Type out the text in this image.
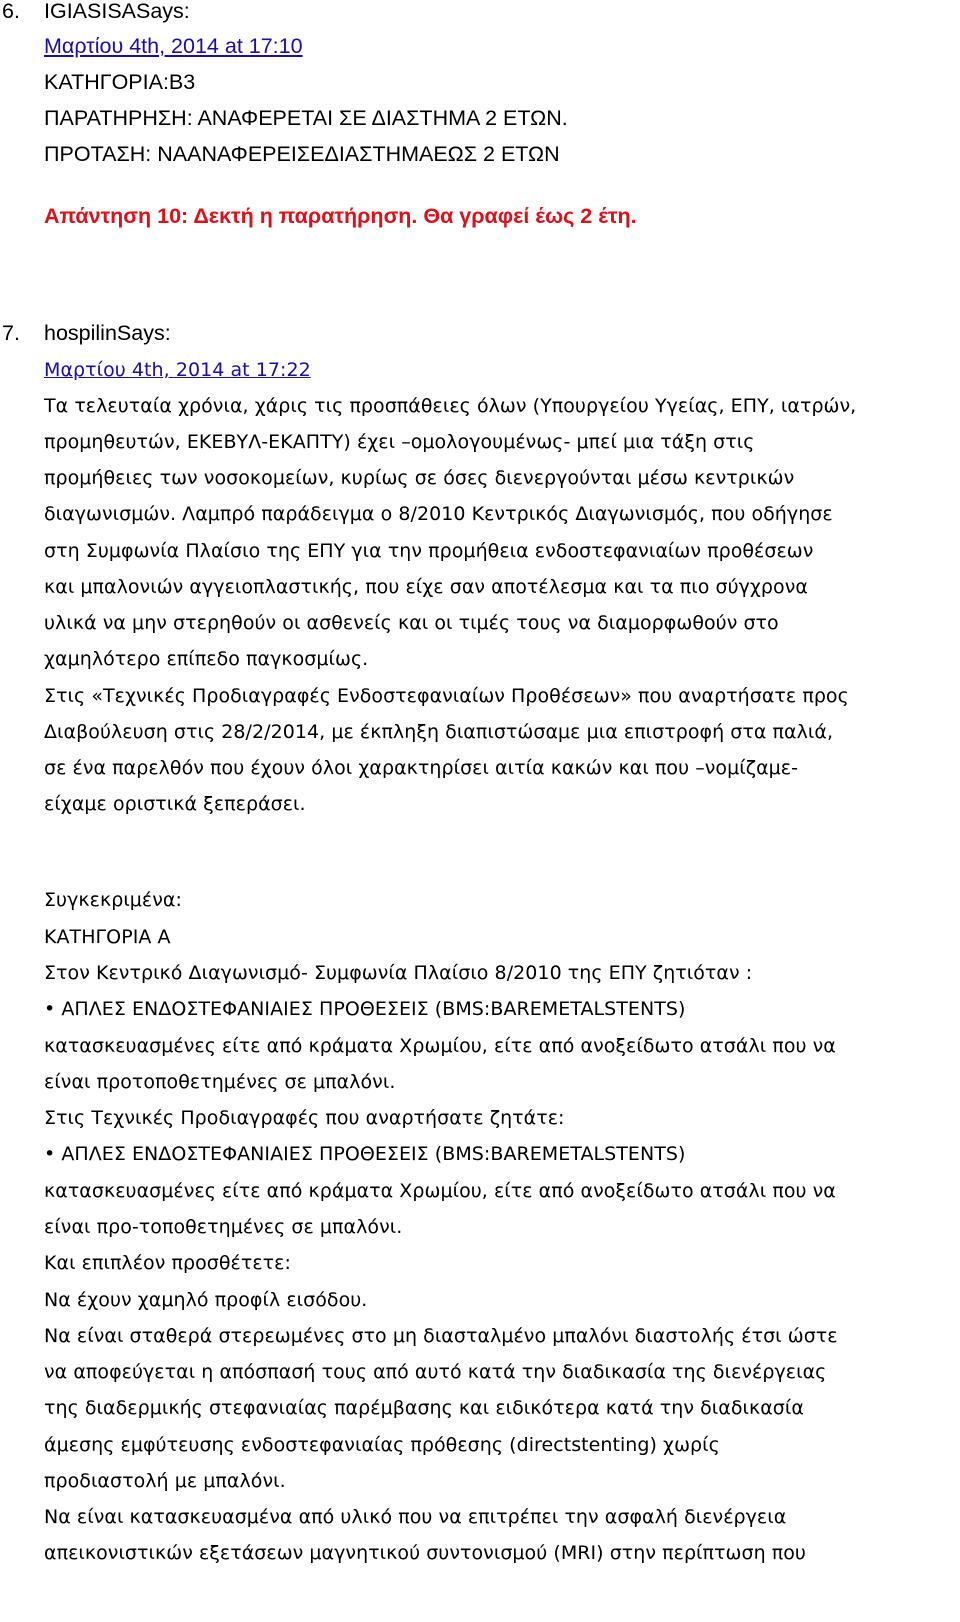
6. IGIASISASays:
Μαρτίου 4th, 2014 at 17:10
ΚΑΤΗΓΟΡΙΑ:Β3
ΠΑΡΑΤΗΡΗΣΗ: ΑΝΑΦΕΡΕΤΑΙ ΣΕ ΔΙΑΣΤΗΜΑ 2 ΕΤΩΝ.
ΠΡΟΤΑΣΗ: ΝΑΑΝΑΦΕΡΕΙΣΕΔΙΑΣΤΗΜΑΕΩΣ 2 ΕΤΩΝ
Απάντηση 10: Δεκτή η παρατήρηση. Θα γραφεί έως 2 έτη.
7. hospilinSays:
Μαρτίου 4th, 2014 at 17:22
Τα τελευταία χρόνια, χάρις τις προσπάθειες όλων (Υπουργείου Υγείας, ΕΠΥ, ιατρών,
προμηθευτών, ΕΚΕΒΥΛ-ΕΚΑΠΤΥ) έχει –ομολογουμένως- μπεί μια τάξη στις
προμήθειες των νοσοκομείων, κυρίως σε όσες διενεργούνται μέσω κεντρικών
διαγωνισμών. Λαμπρό παράδειγμα ο 8/2010 Κεντρικός Διαγωνισμός, που οδήγησε
στη Συμφωνία Πλαίσιο της ΕΠΥ για την προμήθεια ενδοστεφανιαίων προθέσεων
και μπαλονιών αγγειοπλαστικής, που είχε σαν αποτέλεσμα και τα πιο σύγχρονα
υλικά να μην στερηθούν οι ασθενείς και οι τιμές τους να διαμορφωθούν στο
χαμηλότερο επίπεδο παγκοσμίως.
Στις «Τεχνικές Προδιαγραφές Ενδοστεφανιαίων Προθέσεων» που αναρτήσατε προς
Διαβούλευση στις 28/2/2014, με έκπληξη διαπιστώσαμε μια επιστροφή στα παλιά,
σε ένα παρελθόν που έχουν όλοι χαρακτηρίσει αιτία κακών και που –νομίζαμε-
είχαμε οριστικά ξεπεράσει.
Συγκεκριμένα:
ΚΑΤΗΓΟΡΙΑ Α
Στον Κεντρικό Διαγωνισμό- Συμφωνία Πλαίσιο 8/2010 της ΕΠΥ ζητιόταν :
• ΑΠΛΕΣ ΕΝΔΟΣΤΕΦΑΝΙΑΙΕΣ ΠΡΟΘΕΣΕΙΣ (BMS:BAREMETALSTENTS)
κατασκευασμένες είτε από κράματα Χρωμίου, είτε από ανοξείδωτο ατσάλι που να
είναι προτοποθετημένες σε μπαλόνι.
Στις Τεχνικές Προδιαγραφές που αναρτήσατε ζητάτε:
• ΑΠΛΕΣ ΕΝΔΟΣΤΕΦΑΝΙΑΙΕΣ ΠΡΟΘΕΣΕΙΣ (BMS:BAREMETALSTENTS)
κατασκευασμένες είτε από κράματα Χρωμίου, είτε από ανοξείδωτο ατσάλι που να
είναι προ-τοποθετημένες σε μπαλόνι.
Και επιπλέον προσθέτετε:
Να έχουν χαμηλό προφίλ εισόδου.
Να είναι σταθερά στερεωμένες στο μη διασταλμένο μπαλόνι διαστολής έτσι ώστε
να αποφεύγεται η απόσπασή τους από αυτό κατά την διαδικασία της διενέργειας
της διαδερμικής στεφανιαίας παρέμβασης και ειδικότερα κατά την διαδικασία
άμεσης εμφύτευσης ενδοστεφανιαίας πρόθεσης (directstenting) χωρίς
προδιαστολή με μπαλόνι.
Να είναι κατασκευασμένα από υλικό που να επιτρέπει την ασφαλή διενέργεια
απεικονιστικών εξετάσεων μαγνητικού συντονισμού (MRI) στην περίπτωση που
